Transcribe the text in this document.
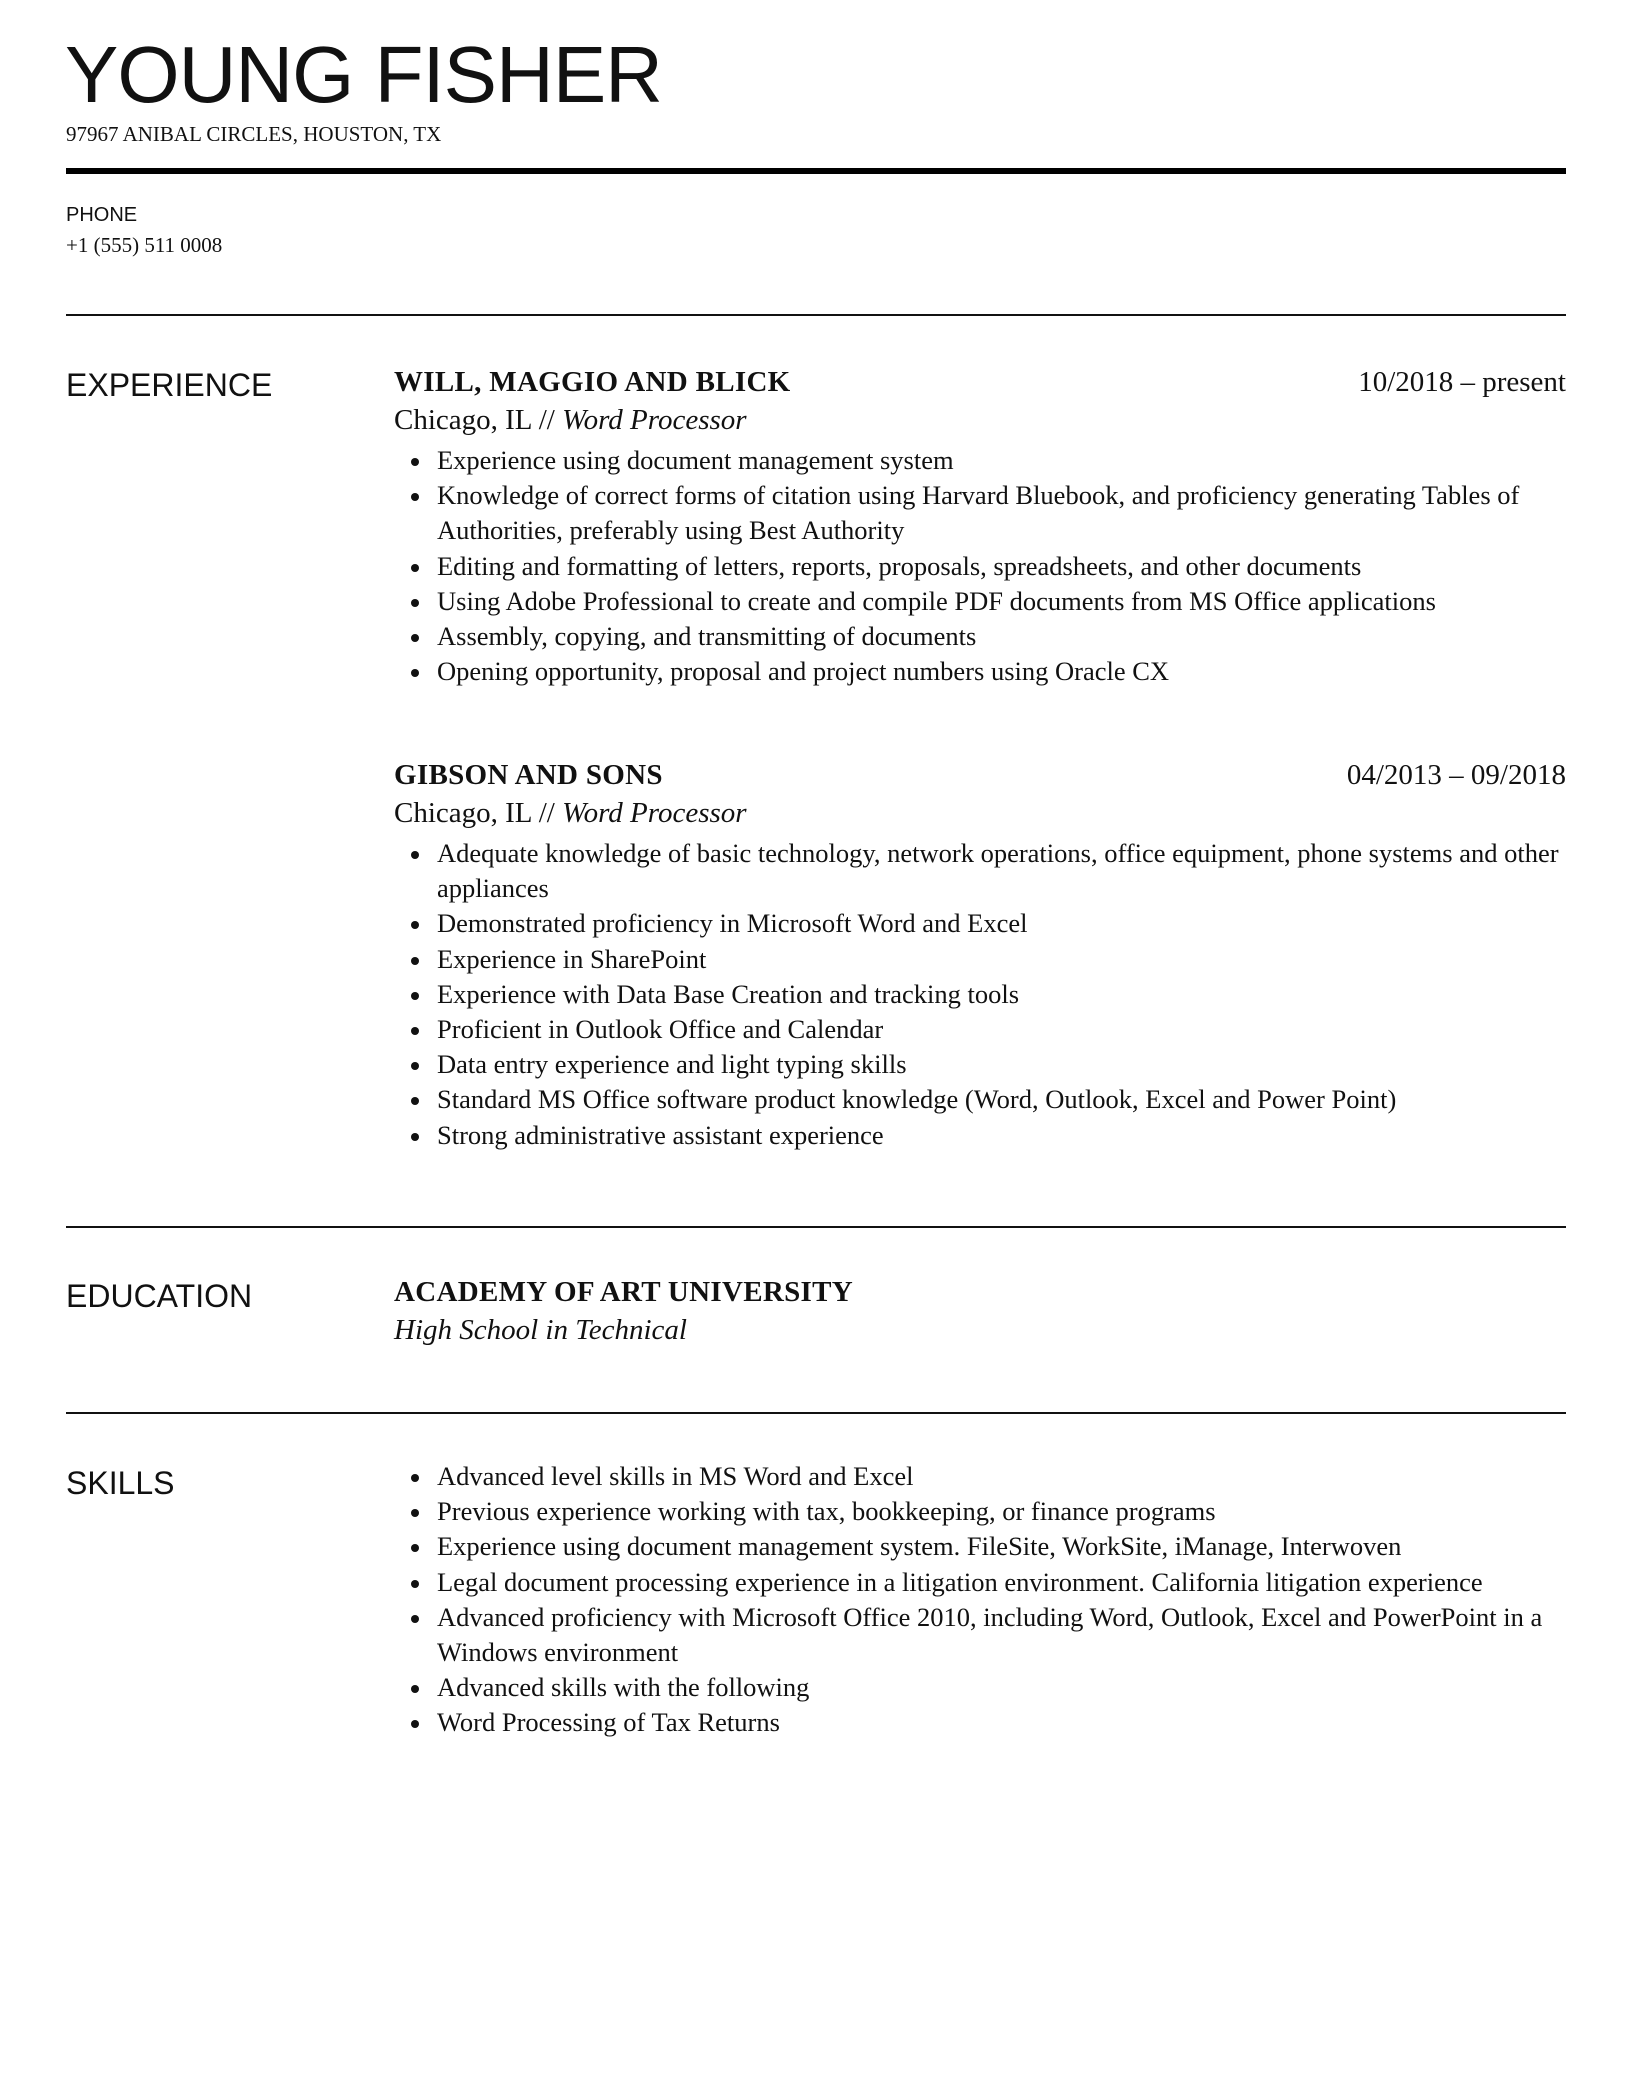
YOUNG FISHER
97967 ANIBAL CIRCLES, HOUSTON, TX
PHONE
+1 (555) 511 0008
EXPERIENCE	WILL, MAGGIO AND BLICK	10/2018 – present
Chicago, IL // Word Processor
Experience using document management system
Knowledge of correct forms of citation using Harvard Bluebook, and proficiency generating Tables of Authorities, preferably using Best Authority
Editing and formatting of letters, reports, proposals, spreadsheets, and other documents
Using Adobe Professional to create and compile PDF documents from MS Office applications
Assembly, copying, and transmitting of documents
Opening opportunity, proposal and project numbers using Oracle CX
GIBSON AND SONS	04/2013 – 09/2018
Chicago, IL // Word Processor
Adequate knowledge of basic technology, network operations, office equipment, phone systems and other appliances
Demonstrated proficiency in Microsoft Word and Excel
Experience in SharePoint
Experience with Data Base Creation and tracking tools
Proficient in Outlook Office and Calendar
Data entry experience and light typing skills
Standard MS Office software product knowledge (Word, Outlook, Excel and Power Point)
Strong administrative assistant experience
EDUCATION	ACADEMY OF ART UNIVERSITY
High School in Technical
SKILLS	Advanced level skills in MS Word and Excel
Previous experience working with tax, bookkeeping, or finance programs
Experience using document management system. FileSite, WorkSite, iManage, Interwoven
Legal document processing experience in a litigation environment. California litigation experience
Advanced proficiency with Microsoft Office 2010, including Word, Outlook, Excel and PowerPoint in a Windows environment
Advanced skills with the following
Word Processing of Tax Returns
